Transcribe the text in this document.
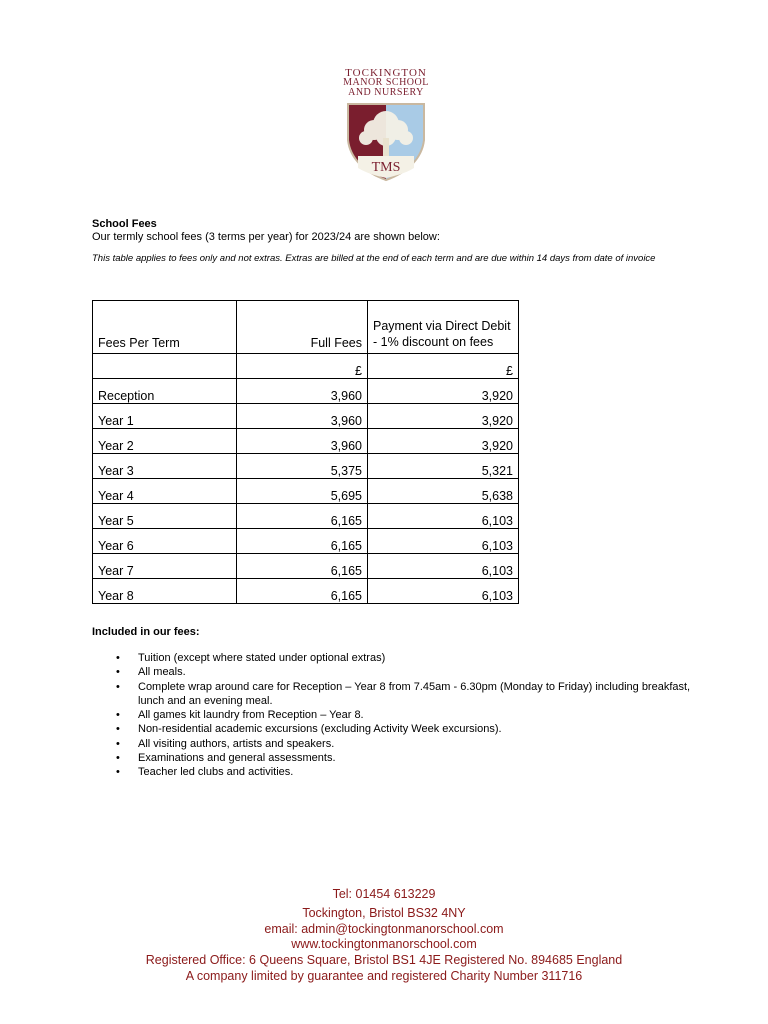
TOCKINGTON
MANOR SCHOOL
AND NURSERY
TMS
School Fees
Our termly school fees (3 terms per year) for 2023/24 are shown below:
This table applies to fees only and not extras. Extras are billed at the end of each term and are due within 14 days from date of invoice
Fees Per Term	Full Fees	Payment via Direct Debit - 1% discount on fees
	£	£
Reception	3,960	3,920
Year 1	3,960	3,920
Year 2	3,960	3,920
Year 3	5,375	5,321
Year 4	5,695	5,638
Year 5	6,165	6,103
Year 6	6,165	6,103
Year 7	6,165	6,103
Year 8	6,165	6,103
Included in our fees:
• Tuition (except where stated under optional extras)
• All meals.
• Complete wrap around care for Reception – Year 8 from 7.45am - 6.30pm (Monday to Friday) including breakfast, lunch and an evening meal.
• All games kit laundry from Reception – Year 8.
• Non-residential academic excursions (excluding Activity Week excursions).
• All visiting authors, artists and speakers.
• Examinations and general assessments.
• Teacher led clubs and activities.
Tel: 01454 613229
Tockington, Bristol BS32 4NY
email: admin@tockingtonmanorschool.com
www.tockingtonmanorschool.com
Registered Office: 6 Queens Square, Bristol BS1 4JE Registered No. 894685 England
A company limited by guarantee and registered Charity Number 311716
